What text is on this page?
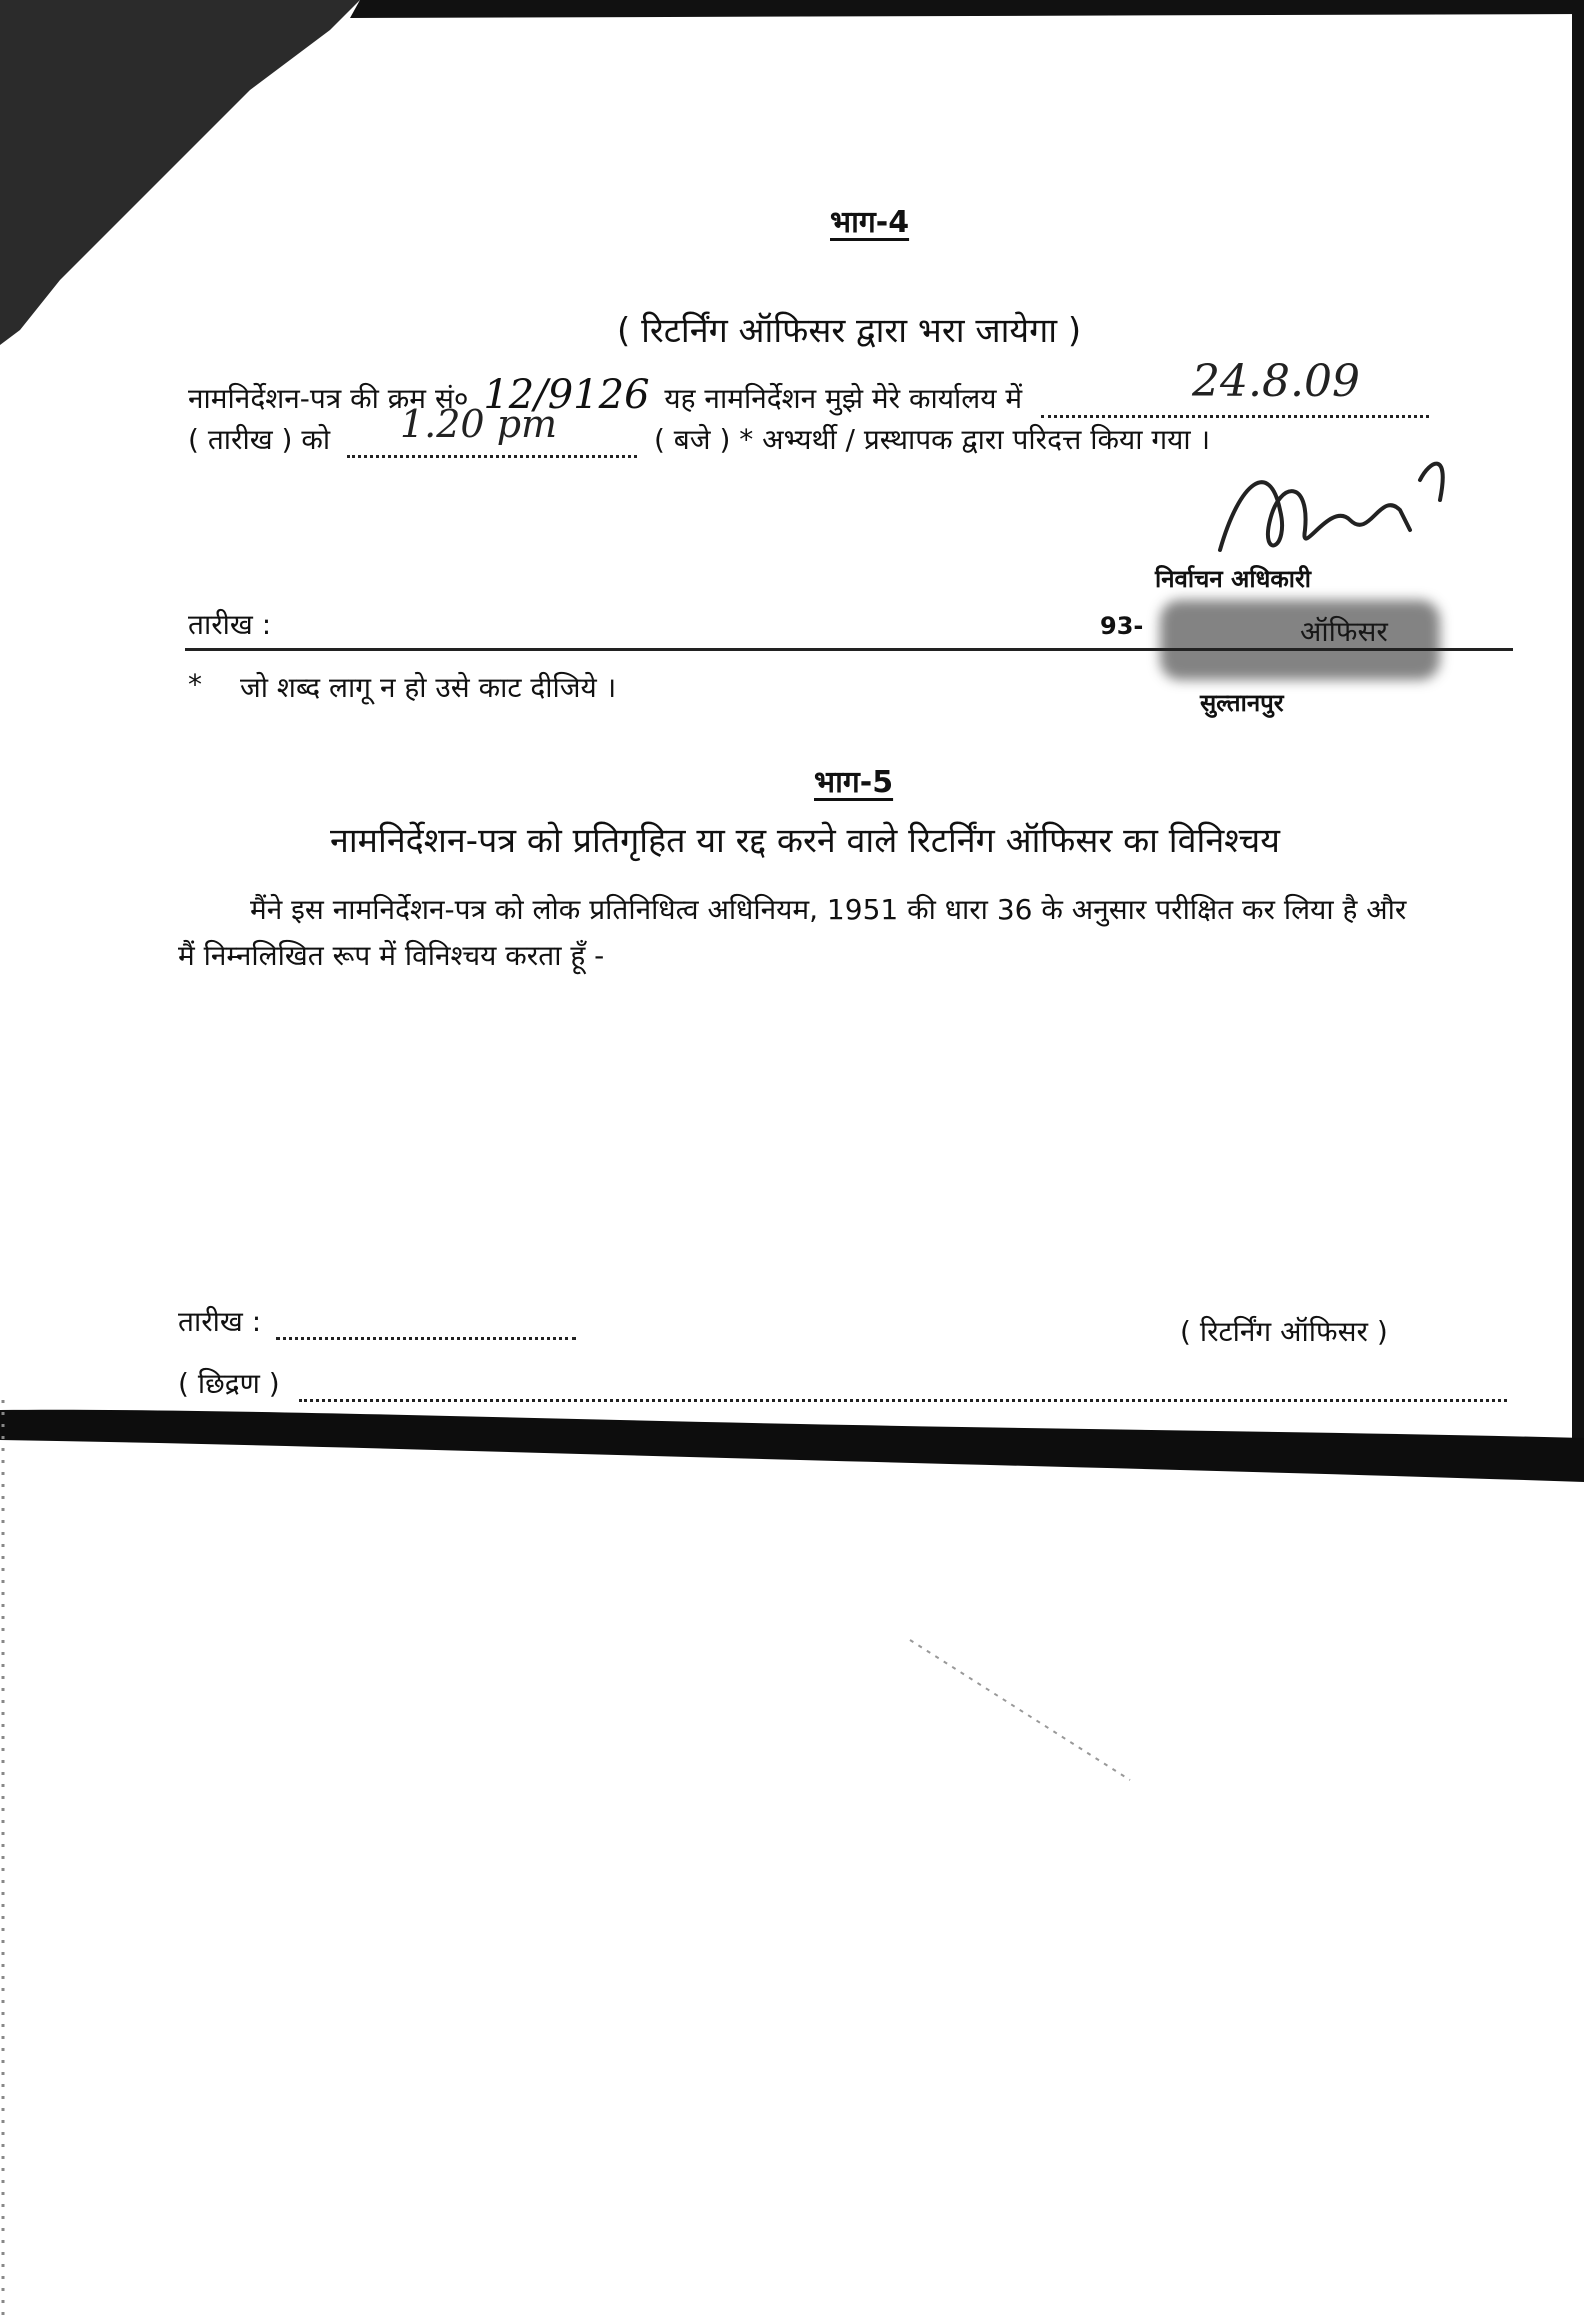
भाग-4
( रिटर्निंग ऑफिसर द्वारा भरा जायेगा )
नामनिर्देशन-पत्र की क्रम सं० 12/9126 यह नामनिर्देशन मुझे मेरे कार्यालय में	24.8.09
( तारीख ) को	( बजे ) * अभ्यर्थी / प्रस्थापक द्वारा परिदत्त किया गया ।
1.20 pm
निर्वाचन अधिकारी
93-
सुल्तानपुर
तारीख :
* जो शब्द लागू न हो उसे काट दीजिये ।
भाग-5
नामनिर्देशन-पत्र को प्रतिगृहित या रद्द करने वाले रिटर्निंग ऑफिसर का विनिश्चय
मैंने इस नामनिर्देशन-पत्र को लोक प्रतिनिधित्व अधिनियम, 1951 की धारा 36 के अनुसार परीक्षित कर लिया है और
मैं निम्नलिखित रूप में विनिश्चय करता हूँ -
तारीख :	( रिटर्निंग ऑफिसर )
( छिद्रण )
